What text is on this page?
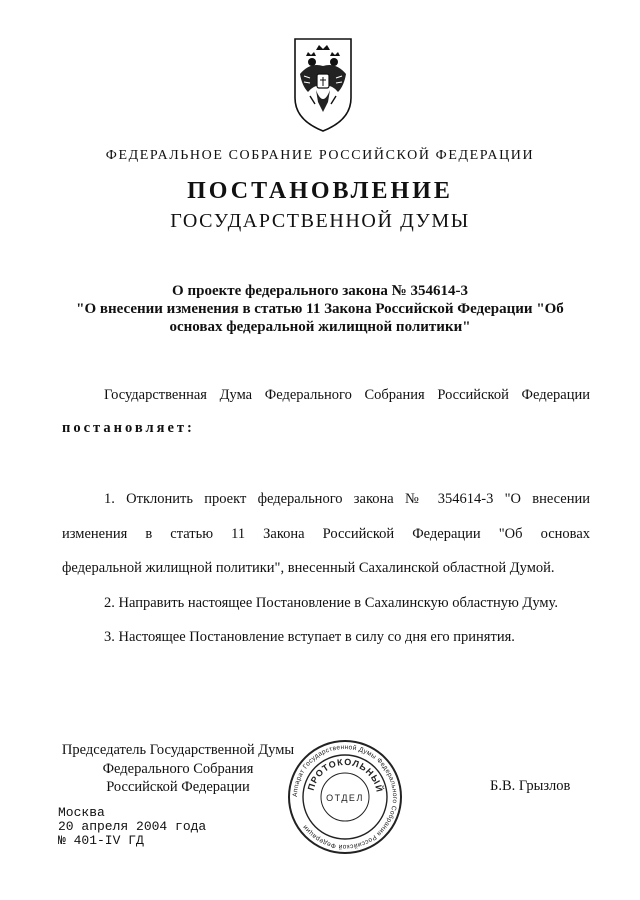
ФЕДЕРАЛЬНОЕ СОБРАНИЕ РОССИЙСКОЙ ФЕДЕРАЦИИ
ПОСТАНОВЛЕНИЕ
ГОСУДАРСТВЕННОЙ ДУМЫ
О проекте федерального закона № 354614-3
"О внесении изменения в статью 11 Закона Российской Федерации "Об
основах федеральной жилищной политики"
Государственная Дума Федерального Собрания Российской Федерации
постановляет:
1. Отклонить проект федерального закона № 354614-3 "О внесении
изменения в статью 11 Закона Российской Федерации "Об основах
федеральной жилищной политики", внесенный Сахалинской областной Думой.
2. Направить настоящее Постановление в Сахалинскую областную Думу.
3. Настоящее Постановление вступает в силу со дня его принятия.
Председатель Государственной Думы
Федерального Собрания
Российской Федерации	Б.В. Грызлов
Аппарат Государственной Думы Федерального Собрания Российской Федерации
ПРОТОКОЛЬНЫЙ
ОТДЕЛ
Москва
20 апреля 2004 года
№ 401-IV ГД
